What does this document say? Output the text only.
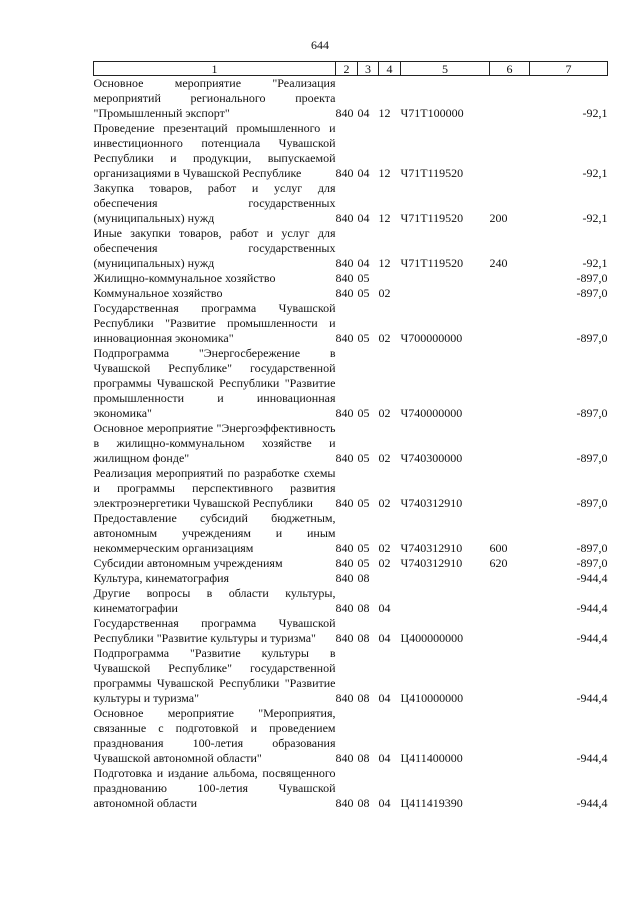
644
1	2	3	4	5	6	7
Основное мероприятие "Реализация мероприятий регионального проекта "Промышленный экспорт"	840	04	12	Ч71Т100000		-92,1
Проведение презентаций промышленного и инвестиционного потенциала Чувашской Республики и продукции, выпускаемой организациями в Чувашской Республике	840	04	12	Ч71Т119520		-92,1
Закупка товаров, работ и услуг для обеспечения государственных (муниципальных) нужд	840	04	12	Ч71Т119520	200	-92,1
Иные закупки товаров, работ и услуг для обеспечения государственных (муниципальных) нужд	840	04	12	Ч71Т119520	240	-92,1
Жилищно-коммунальное хозяйство	840	05				-897,0
Коммунальное хозяйство	840	05	02			-897,0
Государственная программа Чувашской Республики "Развитие промышленности и инновационная экономика"	840	05	02	Ч700000000		-897,0
Подпрограмма "Энергосбережение в Чувашской Республике" государственной программы Чувашской Республики "Развитие промышленности и инновационная экономика"	840	05	02	Ч740000000		-897,0
Основное мероприятие "Энергоэффективность в жилищно-коммунальном хозяйстве и жилищном фонде"	840	05	02	Ч740300000		-897,0
Реализация мероприятий по разработке схемы и программы перспективного развития электроэнергетики Чувашской Республики	840	05	02	Ч740312910		-897,0
Предоставление субсидий бюджетным, автономным учреждениям и иным некоммерческим организациям	840	05	02	Ч740312910	600	-897,0
Субсидии автономным учреждениям	840	05	02	Ч740312910	620	-897,0
Культура, кинематография	840	08				-944,4
Другие вопросы в области культуры, кинематографии	840	08	04			-944,4
Государственная программа Чувашской Республики "Развитие культуры и туризма"	840	08	04	Ц400000000		-944,4
Подпрограмма "Развитие культуры в Чувашской Республике" государственной программы Чувашской Республики "Развитие культуры и туризма"	840	08	04	Ц410000000		-944,4
Основное мероприятие "Мероприятия, связанные с подготовкой и проведением празднования 100-летия образования Чувашской автономной области"	840	08	04	Ц411400000		-944,4
Подготовка и издание альбома, посвященного празднованию 100-летия Чувашской автономной области	840	08	04	Ц411419390		-944,4
